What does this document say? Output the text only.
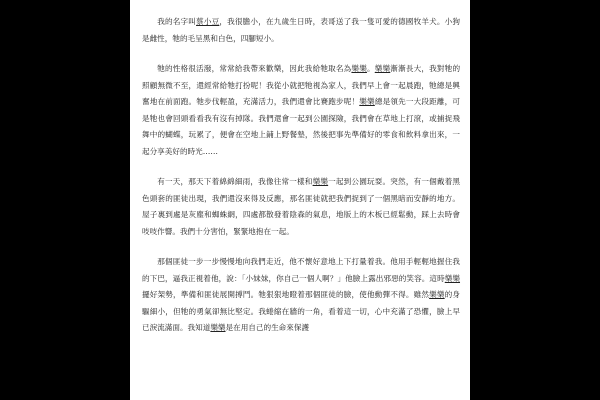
我的名字叫蔡小豆，我很膽小，在九歲生日時，表哥送了我一隻可愛的德國牧羊犬。小狗是雌性，牠的毛呈黑和白色，四腳短小。

牠的性格很活潑，常常給我帶來歡樂，因此我給牠取名為樂樂。樂樂漸漸長大，我對牠的照顧無微不至，還經常給牠打扮呢！我從小就把牠視為家人，我們早上會一起晨跑，牠總是興奮地在前面跑。牠步伐輕盈，充滿活力，我們還會比賽跑步呢！樂樂總是領先一大段距離，可是牠也會回頭看看我有沒有掉隊。我們還會一起到公園探險，我們會在草地上打滾，或捕捉飛舞中的蝴蝶，玩累了，便會在空地上鋪上野餐墊，然後把事先準備好的零食和飲料拿出來，一起分享美好的時光……

有一天，那天下着綿綿細雨，我像往常一樣和樂樂一起到公園玩耍。突然，有一個戴着黑色頭套的匪徒出現，我們還沒來得及反應，那名匪徒就把我們捉到了一個黑暗而安靜的地方。屋子裏到處是灰塵和蜘蛛網，四處都散發着陰森的氣息，地版上的木板已經鬆動，踩上去時會吱吱作響。我們十分害怕，緊緊地抱在一起。

那個匪徒一步一步慢慢地向我們走近，他不懷好意地上下打量着我。他用手輕輕地握住我的下巴，逼我正視着他，說：「小妹妹，你自己一個人啊？」他臉上露出邪惡的笑容。這時樂樂擺好架勢，準備和匪徒展開搏鬥。牠狠狠地瞪着那個匪徒的臉，使他動彈不得。雖然樂樂的身驅細小，但牠的勇氣卻無比堅定。我蜷縮在牆的一角，看着這一切，心中充滿了恐懼，臉上早已淚流滿面。我知道樂樂是在用自己的生命來保護
